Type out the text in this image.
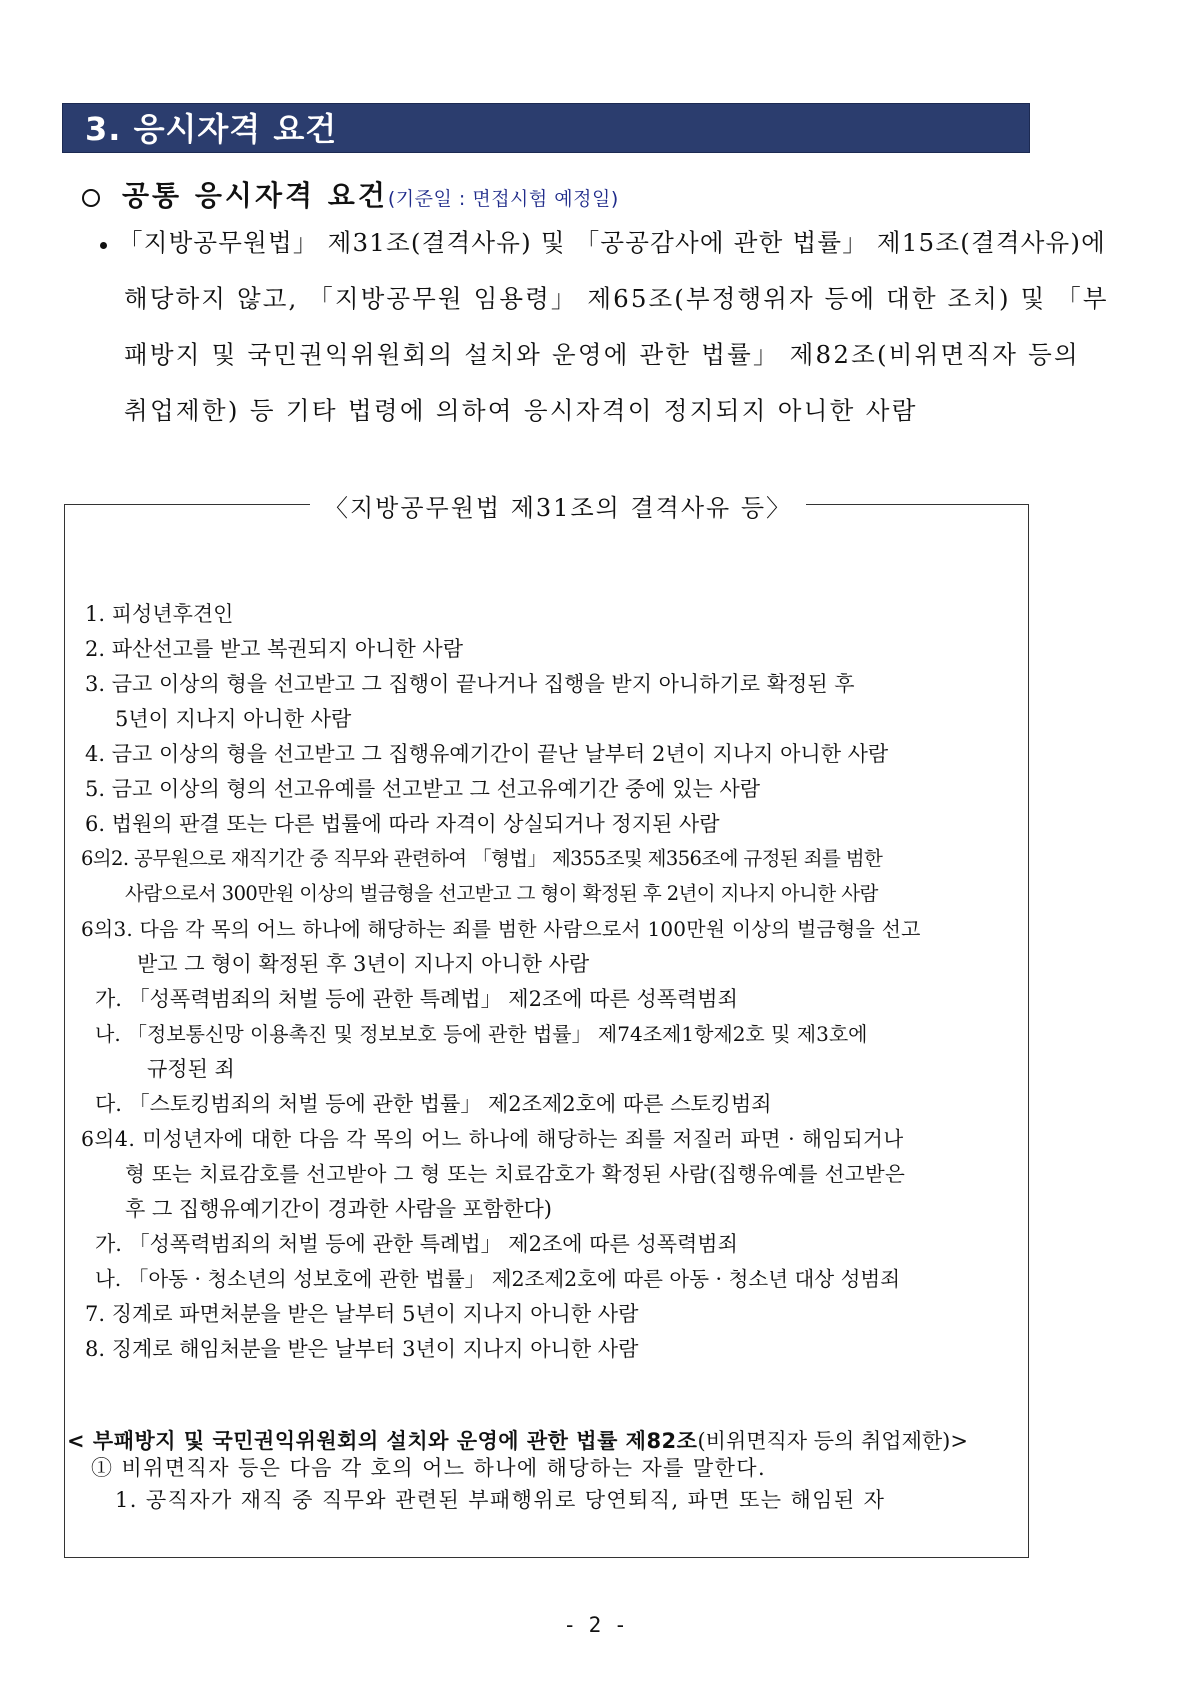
3. 응시자격 요건
공통 응시자격 요건(기준일 : 면접시험 예정일)
「지방공무원법」 제31조(결격사유) 및 「공공감사에 관한 법률」 제15조(결격사유)에
해당하지 않고, 「지방공무원 임용령」 제65조(부정행위자 등에 대한 조치) 및 「부
패방지 및 국민권익위원회의 설치와 운영에 관한 법률」 제82조(비위면직자 등의
취업제한) 등 기타 법령에 의하여 응시자격이 정지되지 아니한 사람
〈지방공무원법 제31조의 결격사유 등〉
1. 피성년후견인
2. 파산선고를 받고 복권되지 아니한 사람
3. 금고 이상의 형을 선고받고 그 집행이 끝나거나 집행을 받지 아니하기로 확정된 후
5년이 지나지 아니한 사람
4. 금고 이상의 형을 선고받고 그 집행유예기간이 끝난 날부터 2년이 지나지 아니한 사람
5. 금고 이상의 형의 선고유예를 선고받고 그 선고유예기간 중에 있는 사람
6. 법원의 판결 또는 다른 법률에 따라 자격이 상실되거나 정지된 사람
6의2. 공무원으로 재직기간 중 직무와 관련하여 「형법」 제355조및 제356조에 규정된 죄를 범한
사람으로서 300만원 이상의 벌금형을 선고받고 그 형이 확정된 후 2년이 지나지 아니한 사람
6의3. 다음 각 목의 어느 하나에 해당하는 죄를 범한 사람으로서 100만원 이상의 벌금형을 선고
받고 그 형이 확정된 후 3년이 지나지 아니한 사람
가. 「성폭력범죄의 처벌 등에 관한 특례법」 제2조에 따른 성폭력범죄
나. 「정보통신망 이용촉진 및 정보보호 등에 관한 법률」 제74조제1항제2호 및 제3호에
규정된 죄
다. 「스토킹범죄의 처벌 등에 관한 법률」 제2조제2호에 따른 스토킹범죄
6의4. 미성년자에 대한 다음 각 목의 어느 하나에 해당하는 죄를 저질러 파면 · 해임되거나
형 또는 치료감호를 선고받아 그 형 또는 치료감호가 확정된 사람(집행유예를 선고받은
후 그 집행유예기간이 경과한 사람을 포함한다)
가. 「성폭력범죄의 처벌 등에 관한 특례법」 제2조에 따른 성폭력범죄
나. 「아동 · 청소년의 성보호에 관한 법률」 제2조제2호에 따른 아동 · 청소년 대상 성범죄
7. 징계로 파면처분을 받은 날부터 5년이 지나지 아니한 사람
8. 징계로 해임처분을 받은 날부터 3년이 지나지 아니한 사람
< 부패방지 및 국민권익위원회의 설치와 운영에 관한 법률 제82조(비위면직자 등의 취업제한)>
① 비위면직자 등은 다음 각 호의 어느 하나에 해당하는 자를 말한다.
1. 공직자가 재직 중 직무와 관련된 부패행위로 당연퇴직, 파면 또는 해임된 자
- 2 -
